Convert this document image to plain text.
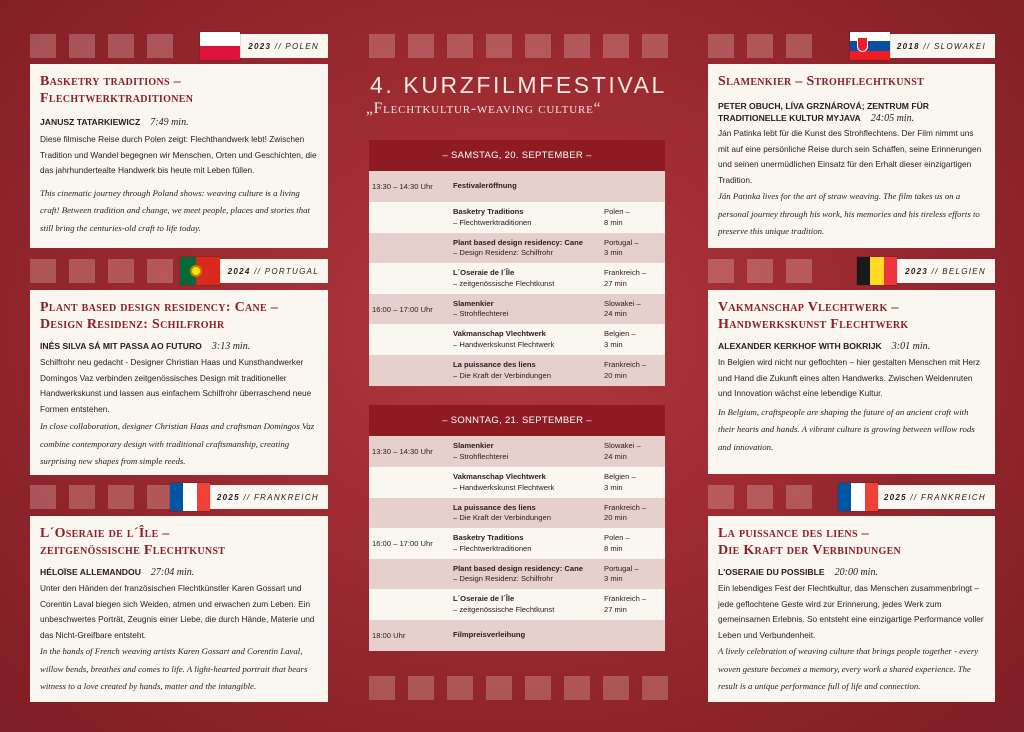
2023 // POLEN
2024 // PORTUGAL
2025 // FRANKREICH
2018 // SLOWAKEI
2023 // BELGIEN
2025 // FRANKREICH
Basketry traditions –
Flechtwerktraditionen
JANUSZ TATARKIEWICZ 7:49 min.
Diese filmische Reise durch Polen zeigt: Flechthandwerk lebt! Zwischen Tradition und Wandel begegnen wir Menschen, Orten und Geschichten, die das jahrhundertealte Handwerk bis heute mit Leben füllen.
This cinematic journey through Poland shows: weaving culture is a living craft! Between tradition and change, we meet people, places and stories that still bring the centuries-old craft to life today.
Plant based design residency: Cane –
Design Residenz: Schilfrohr
INÊS SILVA SÁ MIT PASSA AO FUTURO 3:13 min.
Schilfrohr neu gedacht - Designer Christian Haas und Kunsthandwerker Domingos Vaz verbinden zeitgenössisches Design mit traditioneller Handwerkskunst und lassen aus einfachem Schilfrohr überraschend neue Formen entstehen.
In close collaboration, designer Christian Haas and craftsman Domingos Vaz combine contemporary design with traditional craftsmanship, creating surprising new shapes from simple reeds.
L´Oseraie de l´Île –
zeitgenössische Flechtkunst
HÉLOÏSE ALLEMANDOU 27:04 min.
Unter den Händen der französischen Flechtkünstler Karen Gossart und Corentin Laval biegen sich Weiden, atmen und erwachen zum Leben. Ein unbeschwertes Porträt, Zeugnis einer Liebe, die durch Hände, Materie und das Nicht-Greifbare entsteht.
In the hands of French weaving artists Karen Gossart and Corentin Laval, willow bends, breathes and comes to life. A light-hearted portrait that bears witness to a love created by hands, matter and the intangible.
Slamenkier – Strohflechtkunst
PETER OBUCH, LÍVA GRZNÁROVÁ; ZENTRUM FÜR
TRADITIONELLE KULTUR MYJAVA 24:05 min.
Ján Patinka lebt für die Kunst des Strohflechtens. Der Film nimmt uns mit auf eine persönliche Reise durch sein Schaffen, seine Erinnerungen und seinen unermüdlichen Einsatz für den Erhalt dieser einzigartigen Tradition.
Ján Patinka lives for the art of straw weaving. The film takes us on a personal journey through his work, his memories and his tireless efforts to preserve this unique tradition.
Vakmanschap Vlechtwerk –
Handwerkskunst Flechtwerk
ALEXANDER KERKHOF WITH BOKRIJK 3:01 min.
In Belgien wird nicht nur geflochten – hier gestalten Menschen mit Herz und Hand die Zukunft eines alten Handwerks. Zwischen Weidenruten und Innovation wächst eine lebendige Kultur.
In Belgium, craftspeople are shaping the future of an ancient craft with their hearts and hands. A vibrant culture is growing between willow rods and innovation.
La puissance des liens –
Die Kraft der Verbindungen
L'OSERAIE DU POSSIBLE 20:00 min.
Ein lebendiges Fest der Flechtkultur, das Menschen zusammenbringt – jede geflochtene Geste wird zur Erinnerung, jedes Werk zum gemeinsamen Erlebnis. So entsteht eine einzigartige Performance voller Leben und Verbundenheit.
A lively celebration of weaving culture that brings people together - every woven gesture becomes a memory, every work a shared experience. The result is a unique performance full of life and connection.
4. KURZFILMFESTIVAL
„Flechtkultur-weaving culture“
– SAMSTAG, 20. SEPTEMBER –
13:30 – 14:30 Uhr	Festivaleröffnung

Basketry Traditions
– Flechtwerktraditionen
Polen –
8 min
Plant based design residency: Cane
– Design Residenz: Schilfrohr
Portugal –
3 min
L´Oseraie de l´Île
– zeitgenössische Flechtkunst
Frankreich –
27 min
16:00 – 17:00 Uhr
Slamenkier
– Strohflechterei
Slowakei –
24 min
Vakmanschap Vlechtwerk
– Handwerkskunst Flechtwerk
Belgien –
3 min
La puissance des liens
– Die Kraft der Verbindungen
Frankreich –
20 min
– SONNTAG, 21. SEPTEMBER –
13:30 – 14:30 Uhr
Slamenkier
– Strohflechterei
Slowakei –
24 min
Vakmanschap Vlechtwerk
– Handwerkskunst Flechtwerk
Belgien –
3 min
La puissance des liens
– Die Kraft der Verbindungen
Frankreich –
20 min
16:00 – 17:00 Uhr
Basketry Traditions
– Flechtwerktraditionen
Polen –
8 min
Plant based design residency: Cane
– Design Residenz: Schilfrohr
Portugal –
3 min
L´Oseraie de l´Île
– zeitgenössische Flechtkunst
Frankreich –
27 min
18:00 Uhr	Filmpreisverleihung
